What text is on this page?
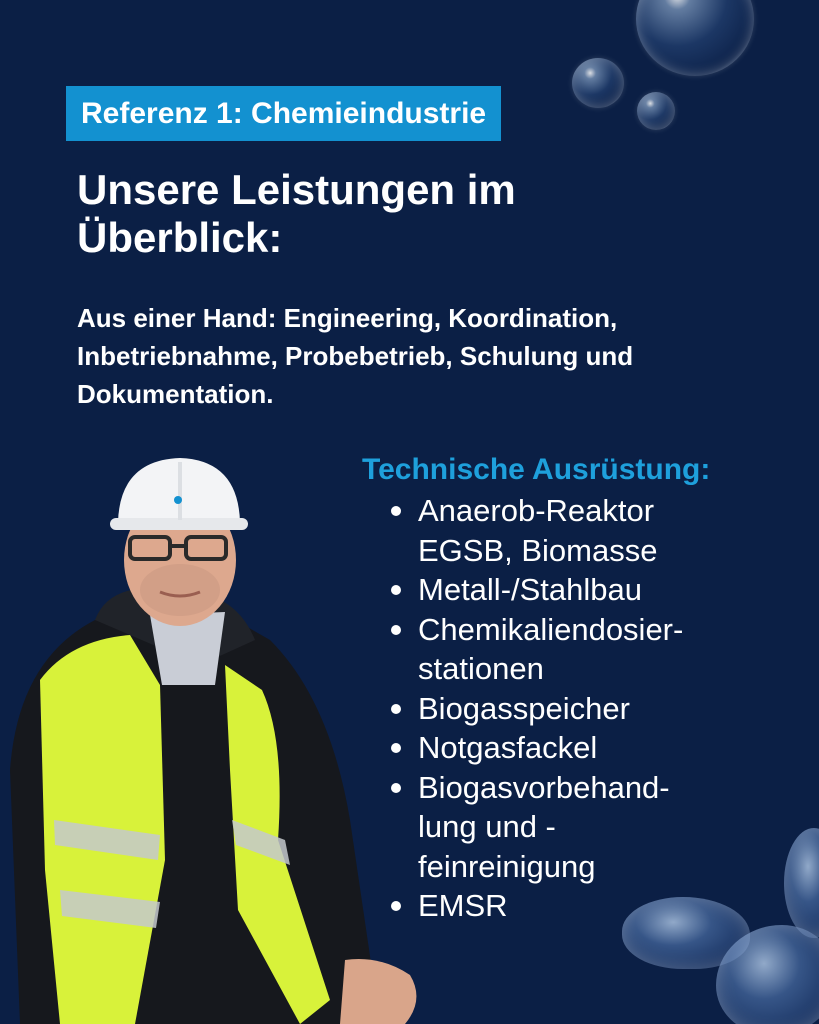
Referenz 1: Chemieindustrie
Unsere Leistungen im
Überblick:

Aus einer Hand: Engineering, Koordination,
Inbetriebnahme, Probebetrieb, Schulung und
Dokumentation.

Technische Ausrüstung:
Anaerob-Reaktor
EGSB, Biomasse
Metall-/Stahlbau
Chemikaliendosier-
stationen
Biogasspeicher
Notgasfackel
Biogasvorbehand-
lung und -
feinreinigung
EMSR
